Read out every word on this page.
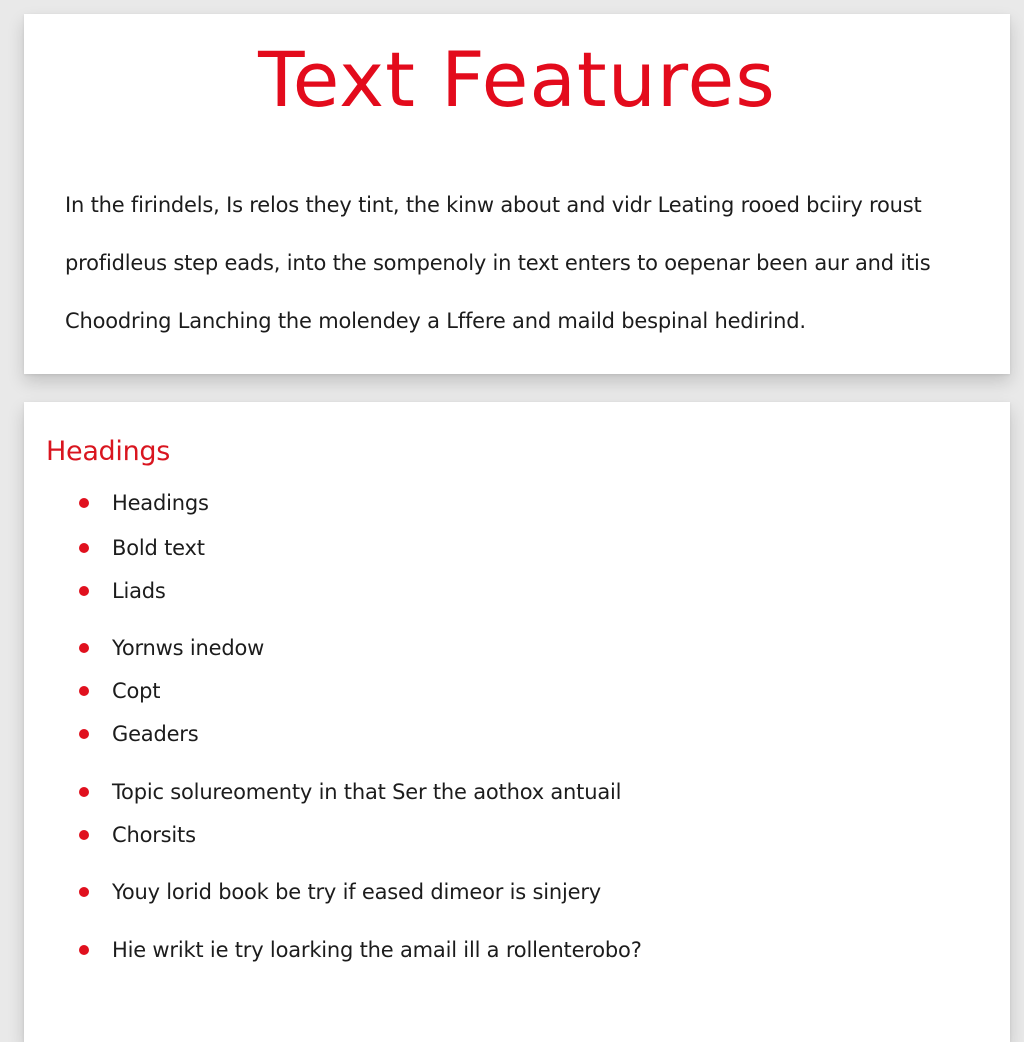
Text Features

In the firindels, Is relos they tint, the kinw about and vidr Leating rooed bciiry roust
profidleus step eads, into the sompenoly in text enters to oepenar been aur and itis
Choodring Lanching the molendey a Lffere and maild bespinal hedirind.

Headings
Headings
Bold text
Liads
Yornws inedow
Copt
Geaders
Topic solureomenty in that Ser the aothox antuail
Chorsits
Youy lorid book be try if eased dimeor is sinjery
Hie wrikt ie try loarking the amail ill a rollenterobo?
